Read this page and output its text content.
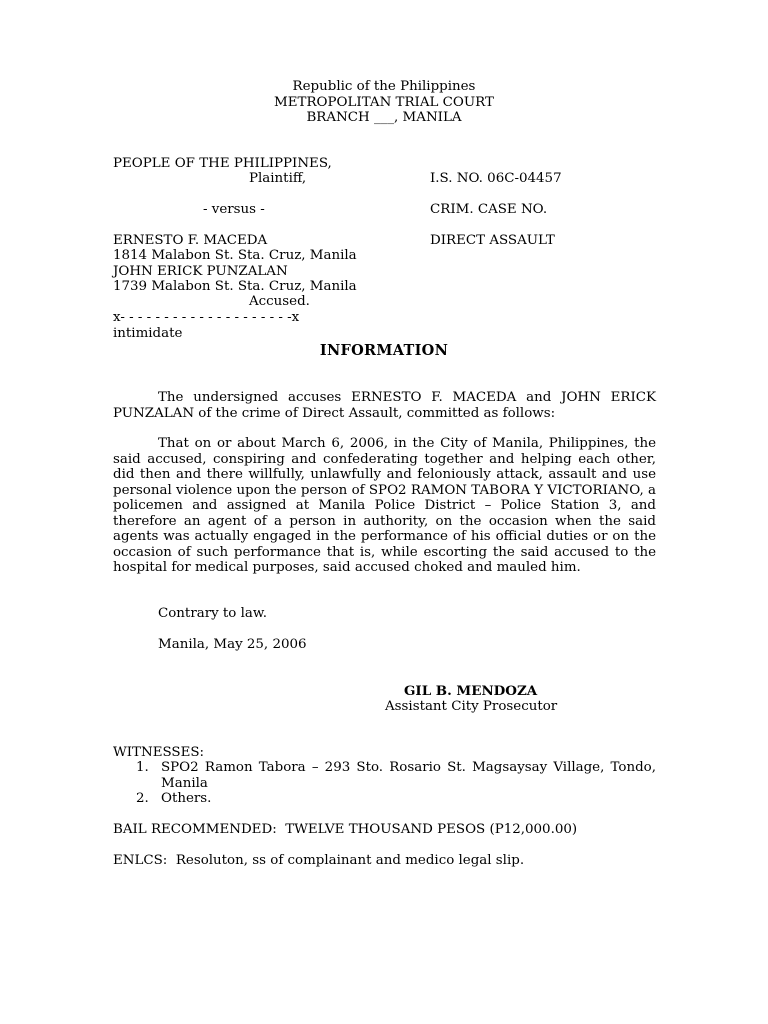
Republic of the Philippines
METROPOLITAN TRIAL COURT
BRANCH ___, MANILA
PEOPLE OF THE PHILIPPINES,
Plaintiff,	I.S. NO. 06C-04457
- versus -	CRIM. CASE NO.
ERNESTO F. MACEDA	DIRECT ASSAULT
1814 Malabon St. Sta. Cruz, Manila
JOHN ERICK PUNZALAN
1739 Malabon St. Sta. Cruz, Manila
Accused.
x- - - - - - - - - - - - - - - - - - - -x
intimidate
INFORMATION
The undersigned accuses ERNESTO F. MACEDA and JOHN ERICK PUNZALAN of the crime of Direct Assault, committed as follows:
That on or about March 6, 2006, in the City of Manila, Philippines, the said accused, conspiring and confederating together and helping each other, did then and there willfully, unlawfully and feloniously attack, assault and use personal violence upon the person of SPO2 RAMON TABORA Y VICTORIANO, a policemen and assigned at Manila Police District – Police Station 3, and therefore an agent of a person in authority, on the occasion when the said agents was actually engaged in the performance of his official duties or on the occasion of such performance that is, while escorting the said accused to the hospital for medical purposes, said accused choked and mauled him.
Contrary to law.
Manila, May 25, 2006
GIL B. MENDOZA
Assistant City Prosecutor
WITNESSES:
1. SPO2 Ramon Tabora – 293 Sto. Rosario St. Magsaysay Village, Tondo, Manila
2. Others.
BAIL RECOMMENDED:  TWELVE THOUSAND PESOS (P12,000.00)
ENLCS:  Resoluton, ss of complainant and medico legal slip.
